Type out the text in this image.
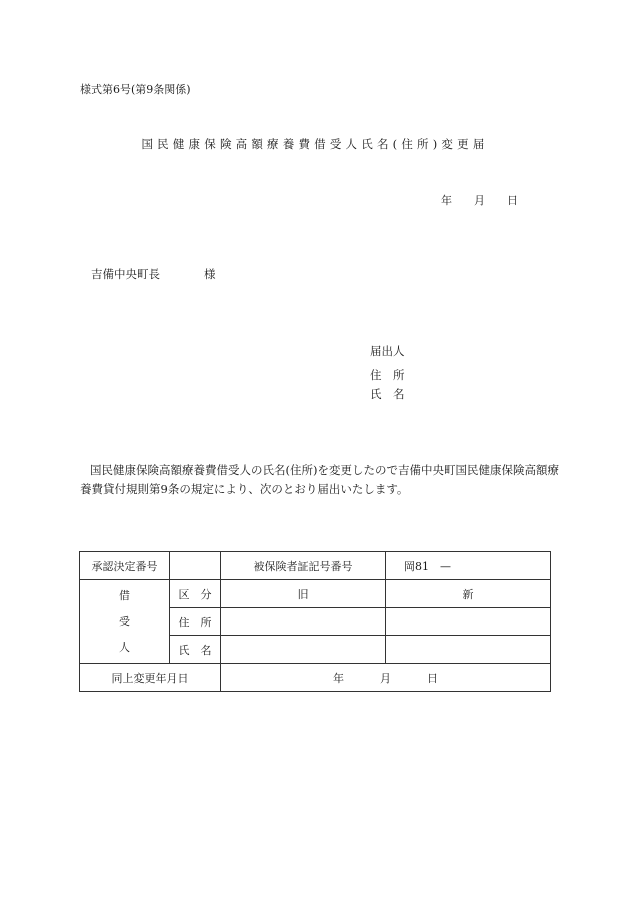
様式第6号(第9条関係)
国民健康保険高額療養費借受人氏名(住所)変更届
年 月 日
吉備中央町長	様
届出人
住　所
氏　名
国民健康保険高額療養費借受人の氏名(住所)を変更したので吉備中央町国民健康保険高額療養費貸付規則第9条の規定により、次のとおり届出いたします。
承認決定番号		被保険者証記号番号	岡81　—

借
受
人	区　分	旧	新
	住　所		
	氏　名		
同上変更年月日		年 月 日	
